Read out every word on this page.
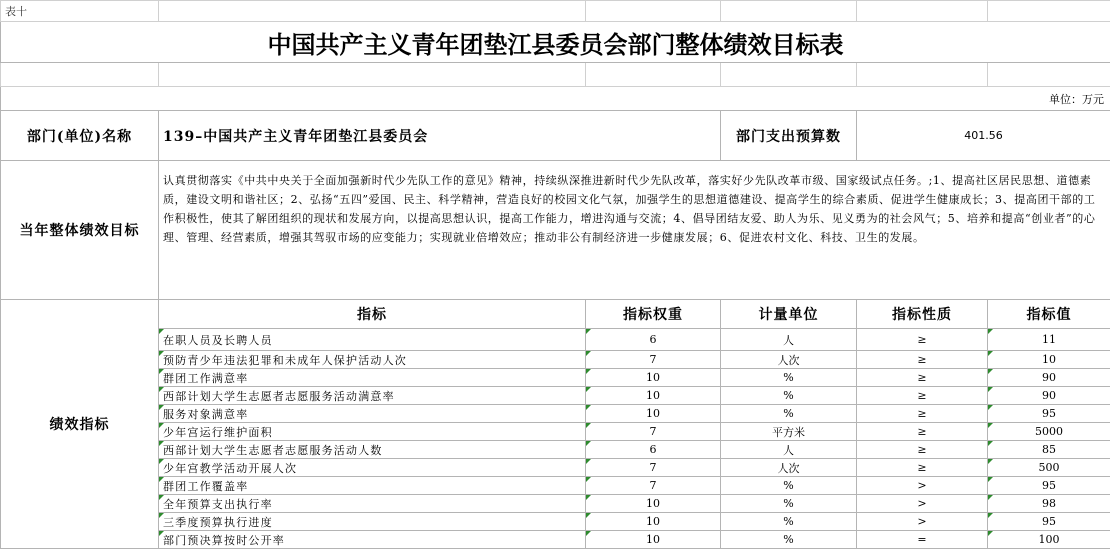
表十					
中国共产主义青年团垫江县委员会部门整体绩效目标表					

单位：万元					
部门(单位)名称	139–中国共产主义青年团垫江县委员会		部门支出预算数	401.56	
当年整体绩效目标	认真贯彻落实《中共中央关于全面加强新时代少先队工作的意见》精神，持续纵深推进新时代少先队改革，落实好少先队改革市级、国家级试点任务。;1、提高社区居民思想、道德素质，建设文明和谐社区；2、弘扬“五四”爱国、民主、科学精神，营造良好的校园文化气氛，加强学生的思想道德建设、提高学生的综合素质、促进学生健康成长；3、提高团干部的工作积极性，使其了解团组织的现状和发展方向，以提高思想认识，提高工作能力，增进沟通与交流；4、倡导团结友爱、助人为乐、见义勇为的社会风气；5、培养和提高“创业者”的心理、管理、经营素质，增强其驾驭市场的应变能力；实现就业倍增效应；推动非公有制经济进一步健康发展；6、促进农村文化、科技、卫生的发展。				
绩效指标	指标	指标权重	计量单位	指标性质	指标值
	在职人员及长聘人员	6	人	≥	11
	预防青少年违法犯罪和未成年人保护活动人次	7	人次	≥	10
	群团工作满意率	10	%	≥	90
	西部计划大学生志愿者志愿服务活动满意率	10	%	≥	90
	服务对象满意率	10	%	≥	95
	少年宫运行维护面积	7	平方米	≥	5000
	西部计划大学生志愿者志愿服务活动人数	6	人	≥	85
	少年宫教学活动开展人次	7	人次	≥	500
	群团工作覆盖率	7	%	>	95
	全年预算支出执行率	10	%	>	98
	三季度预算执行进度	10	%	>	95
	部门预决算按时公开率	10	%	=	100
